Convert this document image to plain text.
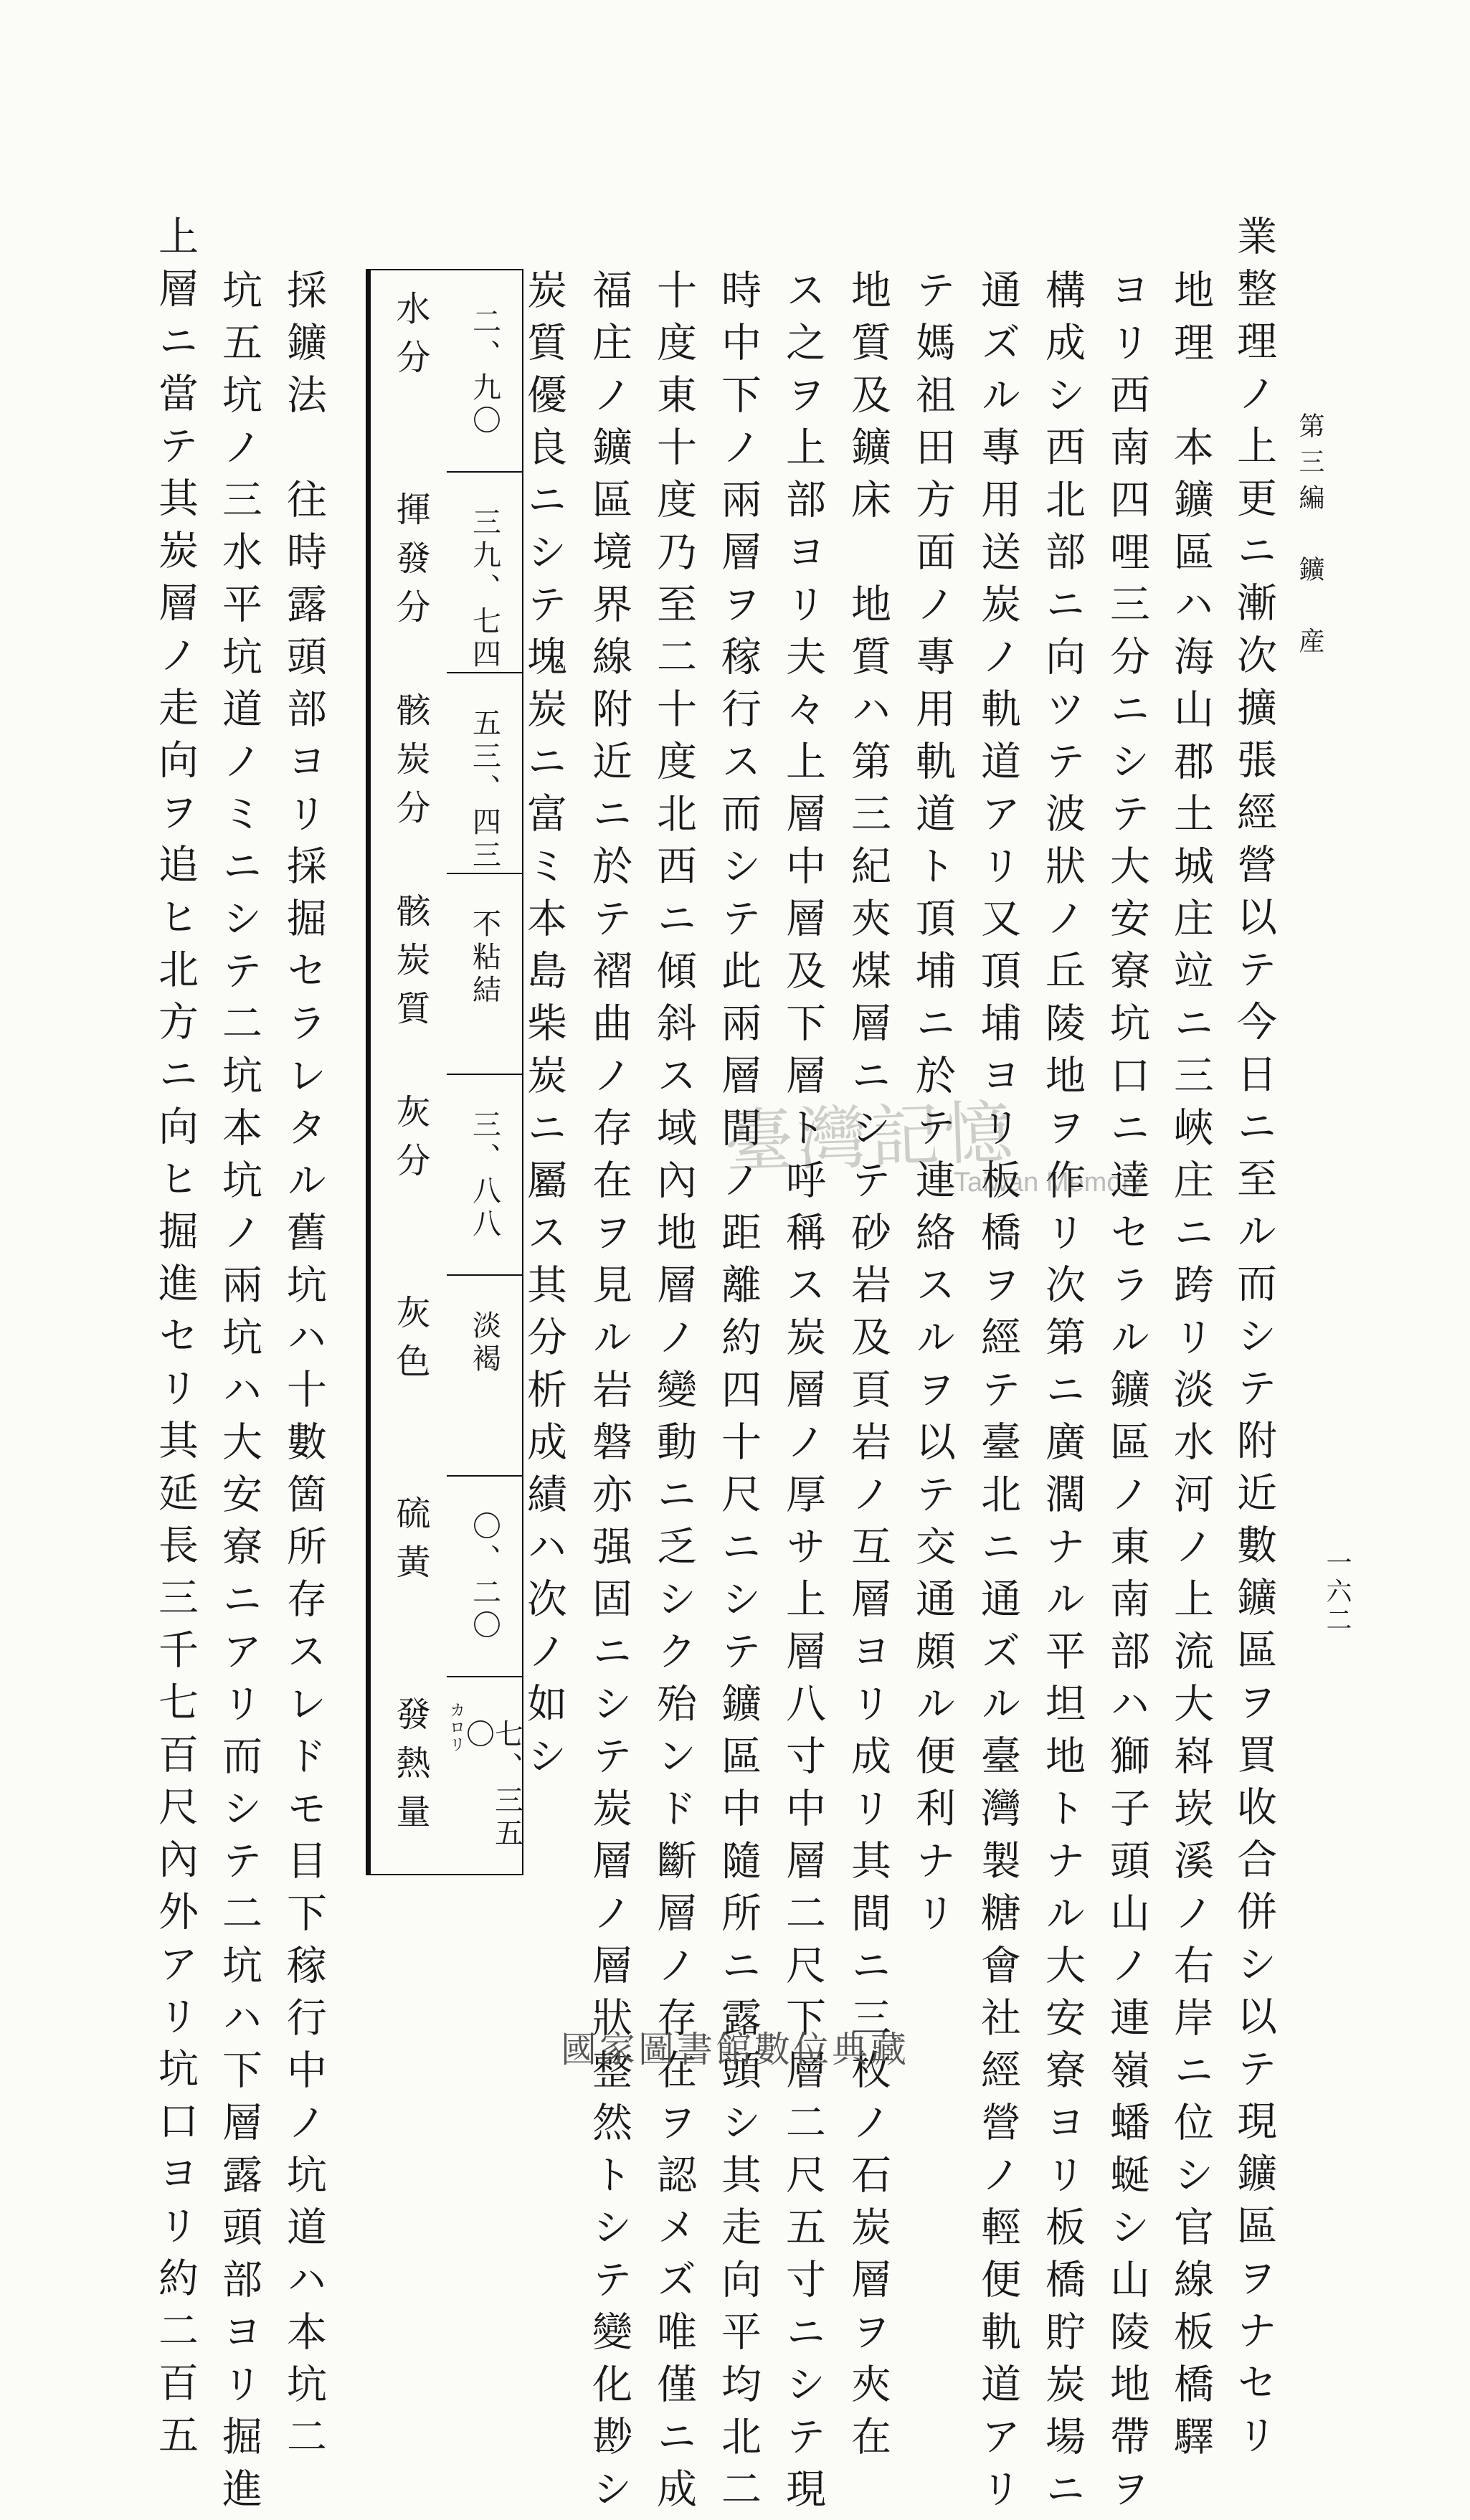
第三編　鑛　産
一六二
業整理ノ上更ニ漸次擴張經營以テ今日ニ至ル而シテ附近數鑛區ヲ買收合併シ以テ現鑛區ヲナセリ
地理　本鑛區ハ海山郡土城庄竝ニ三峽庄ニ跨リ淡水河ノ上流大嵙崁溪ノ右岸ニ位シ官線板橋驛
ヨリ西南四哩三分ニシテ大安寮坑口ニ達セラル鑛區ノ東南部ハ獅子頭山ノ連嶺蟠蜒シ山陵地帶ヲ
構成シ西北部ニ向ツテ波狀ノ丘陵地ヲ作リ次第ニ廣濶ナル平坦地トナル大安寮ヨリ板橋貯炭場ニ
通ズル專用送炭ノ軌道アリ又頂埔ヨリ板橋ヲ經テ臺北ニ通ズル臺灣製糖會社經營ノ輕便軌道アリ
テ媽祖田方面ノ專用軌道ト頂埔ニ於テ連絡スルヲ以テ交通頗ル便利ナリ
地質及鑛床　地質ハ第三紀夾煤層ニシテ砂岩及頁岩ノ互層ヨリ成リ其間ニ三枚ノ石炭層ヲ夾在
ス之ヲ上部ヨリ夫々上層中層及下層ト呼稱ス炭層ノ厚サ上層八寸中層二尺下層二尺五寸ニシテ現
時中下ノ兩層ヲ稼行ス而シテ此兩層間ノ距離約四十尺ニシテ鑛區中隨所ニ露頭シ其走向平均北二
十度東十度乃至二十度北西ニ傾斜ス域內地層ノ變動ニ乏シク殆ンド斷層ノ存在ヲ認メズ唯僅ニ成
福庄ノ鑛區境界線附近ニ於テ褶曲ノ存在ヲ見ル岩磐亦强固ニシテ炭層ノ層狀整然トシテ變化尠シ
炭質優良ニシテ塊炭ニ富ミ本島柴炭ニ屬ス其分析成績ハ次ノ如シ
採鑛法　往時露頭部ヨリ採掘セラレタル舊坑ハ十數箇所存スレドモ目下稼行中ノ坑道ハ本坑二
坑五坑ノ三水平坑道ノミニシテ二坑本坑ノ兩坑ハ大安寮ニアリ而シテ二坑ハ下層露頭部ヨリ掘進
上層ニ當テ其炭層ノ走向ヲ追ヒ北方ニ向ヒ掘進セリ其延長三千七百尺內外アリ坑口ヨリ約二百五	水分
揮發分
骸炭分
骸炭質
灰分
灰色
硫黃
發熱量
二、九〇
三九、七四
五三、四三
不粘結
三、八八
淡褐
〇、二〇
カロリ 七、三五〇
臺灣記憶
Taiwan Memory
國家圖書館數位典藏
